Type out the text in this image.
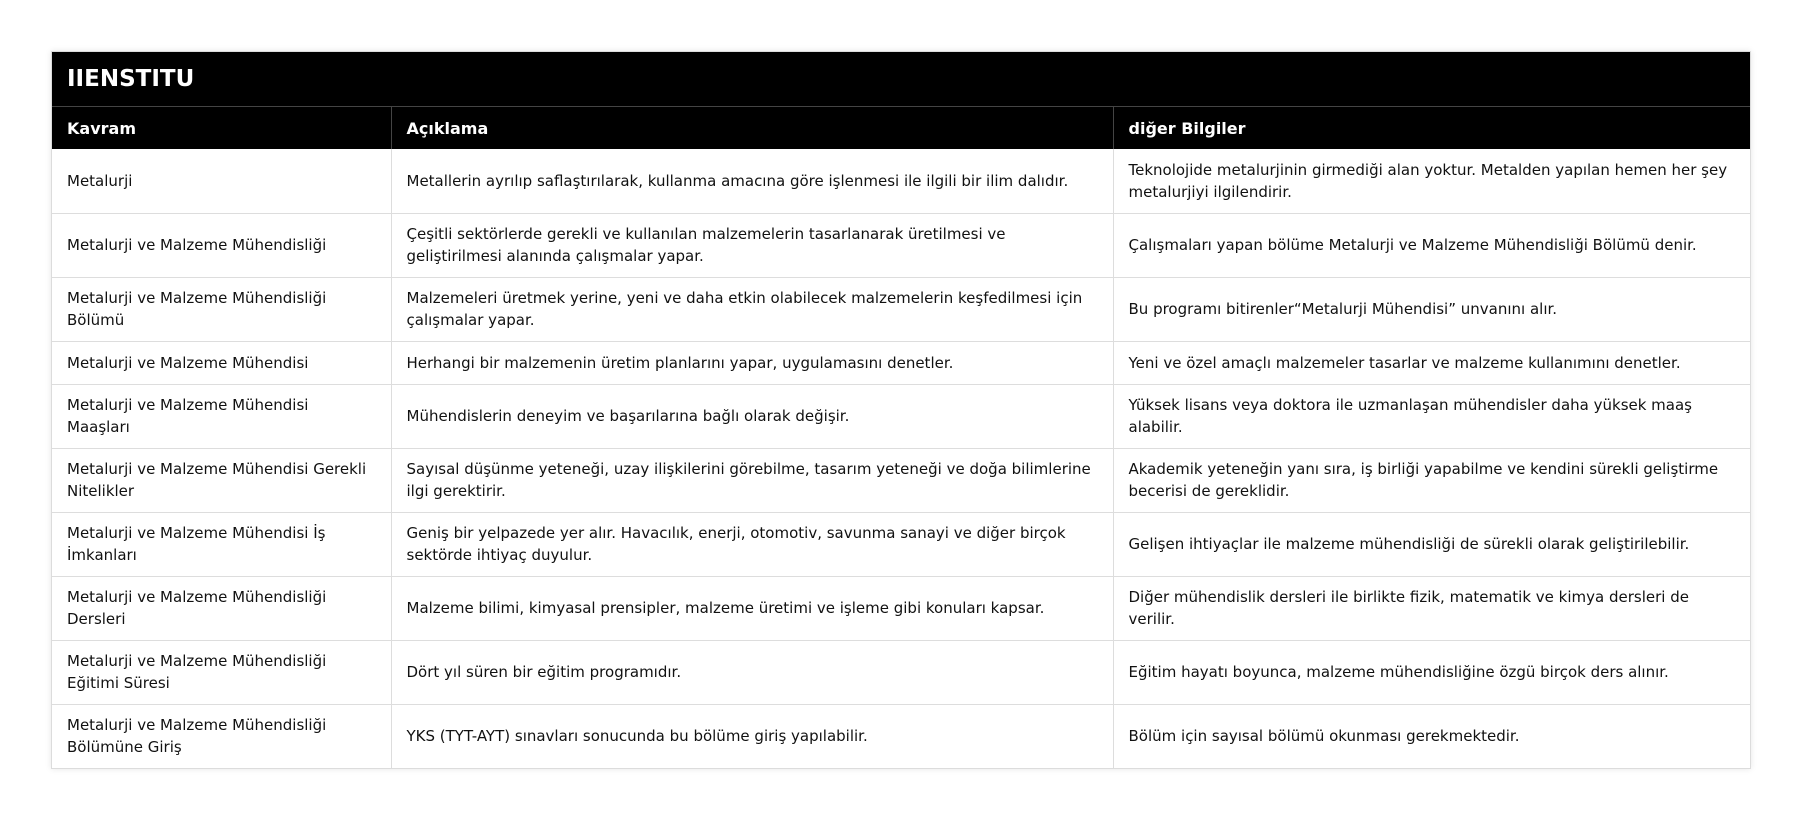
IIENSTITU		
Kavram	Açıklama	diğer Bilgiler
Metalurji	Metallerin ayrılıp saflaştırılarak, kullanma amacına göre işlenmesi ile ilgili bir ilim dalıdır.	Teknolojide metalurjinin girmediği alan yoktur. Metalden yapılan hemen her şey metalurjiyi ilgilendirir.
Metalurji ve Malzeme Mühendisliği	Çeşitli sektörlerde gerekli ve kullanılan malzemelerin tasarlanarak üretilmesi ve geliştirilmesi alanında çalışmalar yapar.	Çalışmaları yapan bölüme Metalurji ve Malzeme Mühendisliği Bölümü denir.
Metalurji ve Malzeme Mühendisliği Bölümü	Malzemeleri üretmek yerine, yeni ve daha etkin olabilecek malzemelerin keşfedilmesi için çalışmalar yapar.	Bu programı bitirenler“Metalurji Mühendisi” unvanını alır.
Metalurji ve Malzeme Mühendisi	Herhangi bir malzemenin üretim planlarını yapar, uygulamasını denetler.	Yeni ve özel amaçlı malzemeler tasarlar ve malzeme kullanımını denetler.
Metalurji ve Malzeme Mühendisi Maaşları	Mühendislerin deneyim ve başarılarına bağlı olarak değişir.	Yüksek lisans veya doktora ile uzmanlaşan mühendisler daha yüksek maaş alabilir.
Metalurji ve Malzeme Mühendisi Gerekli Nitelikler	Sayısal düşünme yeteneği, uzay ilişkilerini görebilme, tasarım yeteneği ve doğa bilimlerine ilgi gerektirir.	Akademik yeteneğin yanı sıra, iş birliği yapabilme ve kendini sürekli geliştirme becerisi de gereklidir.
Metalurji ve Malzeme Mühendisi İş İmkanları	Geniş bir yelpazede yer alır. Havacılık, enerji, otomotiv, savunma sanayi ve diğer birçok sektörde ihtiyaç duyulur.	Gelişen ihtiyaçlar ile malzeme mühendisliği de sürekli olarak geliştirilebilir.
Metalurji ve Malzeme Mühendisliği Dersleri	Malzeme bilimi, kimyasal prensipler, malzeme üretimi ve işleme gibi konuları kapsar.	Diğer mühendislik dersleri ile birlikte fizik, matematik ve kimya dersleri de verilir.
Metalurji ve Malzeme Mühendisliği Eğitimi Süresi	Dört yıl süren bir eğitim programıdır.	Eğitim hayatı boyunca, malzeme mühendisliğine özgü birçok ders alınır.
Metalurji ve Malzeme Mühendisliği Bölümüne Giriş	YKS (TYT-AYT) sınavları sonucunda bu bölüme giriş yapılabilir.	Bölüm için sayısal bölümü okunması gerekmektedir.
